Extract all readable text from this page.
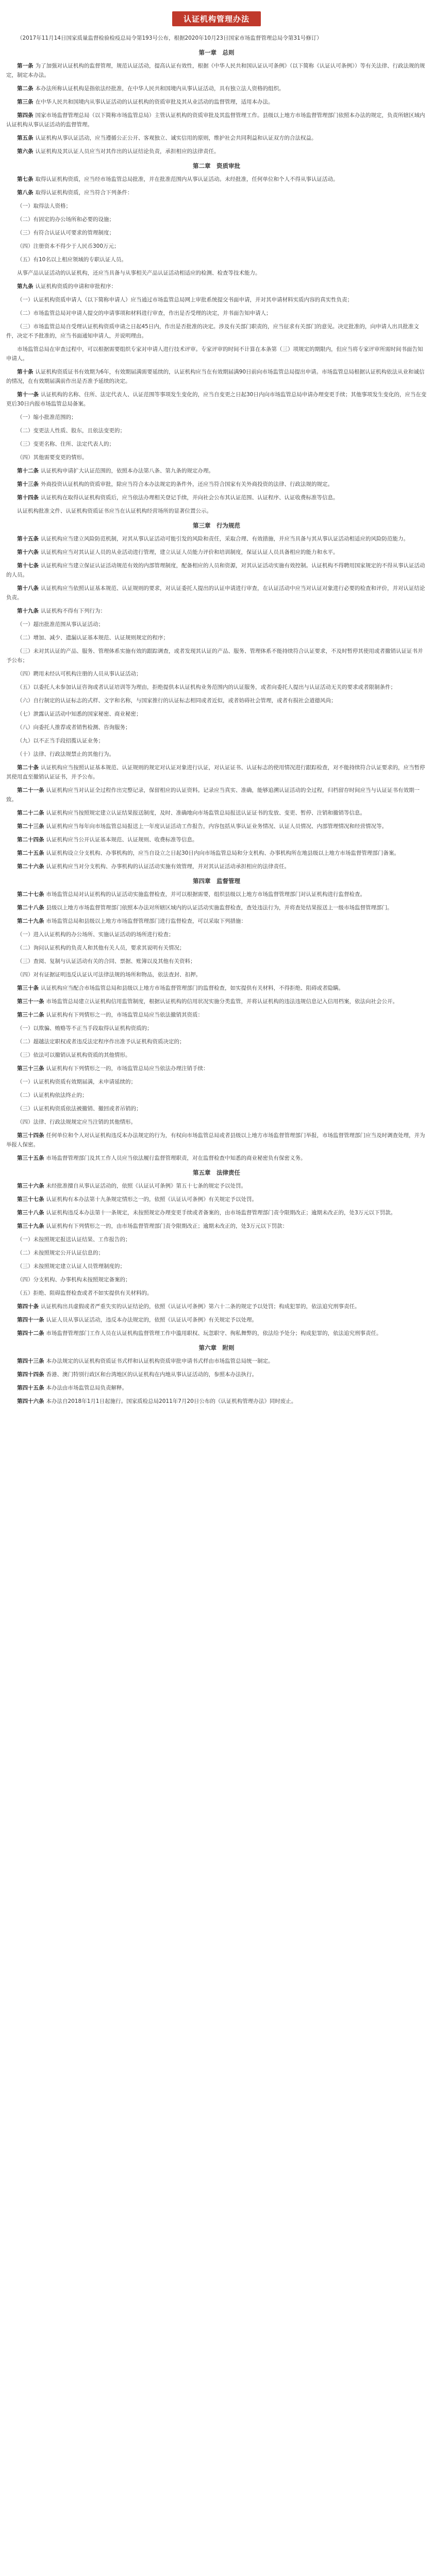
认证机构管理办法

（2017年11月14日国家质量监督检验检疫总局令第193号公布，根据2020年10月23日国家市场监督管理总局令第31号修订）

第一章　总则

第一条 为了加强对认证机构的监督管理，规范认证活动，提高认证有效性，根据《中华人民共和国认证认可条例》（以下简称《认证认可条例》）等有关法律、行政法规的规定，制定本办法。

第二条 本办法所称认证机构是指依法经批准，在中华人民共和国境内从事认证活动，具有独立法人资格的组织。

第三条 在中华人民共和国境内从事认证活动的认证机构的资质审批及其从业活动的监督管理，适用本办法。

第四条 国家市场监督管理总局（以下简称市场监管总局）主管认证机构的资质审批及其监督管理工作。县级以上地方市场监督管理部门依照本办法的规定，负责所辖区域内认证机构从事认证活动的监督管理。

第五条 认证机构从事认证活动，应当遵循公正公开、客观独立、诚实信用的原则，维护社会共同利益和认证双方的合法权益。

第六条 认证机构及其认证人员应当对其作出的认证结论负责，承担相应的法律责任。

第二章　资质审批

第七条 取得认证机构资质，应当经市场监管总局批准，并在批准范围内从事认证活动。未经批准，任何单位和个人不得从事认证活动。

第八条 取得认证机构资质，应当符合下列条件：

（一）取得法人资格；

（二）有固定的办公场所和必要的设施；

（三）有符合认证认可要求的管理制度；

（四）注册资本不得少于人民币300万元；

（五）有10名以上相应领域的专职认证人员。

从事产品认证活动的认证机构，还应当具备与从事相关产品认证活动相适应的检测、检查等技术能力。

第九条 认证机构资质的申请和审批程序：

（一）认证机构资质申请人（以下简称申请人）应当通过市场监管总局网上审批系统提交书面申请，并对其申请材料实质内容的真实性负责；

（二）市场监管总局对申请人提交的申请事项和材料进行审查，作出是否受理的决定，并书面告知申请人；

（三）市场监管总局自受理认证机构资质申请之日起45日内，作出是否批准的决定。涉及有关部门职责的，应当征求有关部门的意见。决定批准的，向申请人出具批准文件，决定不予批准的，应当书面通知申请人，并说明理由。

市场监管总局在审查过程中，可以根据需要组织专家对申请人进行技术评审。专家评审的时间不计算在本条第（三）项规定的期限内，但应当将专家评审所需时间书面告知申请人。

第十条 认证机构资质证书有效期为6年，有效期届满需要延续的，认证机构应当在有效期届满90日前向市场监管总局提出申请。市场监管总局根据认证机构依法从业和诚信的情况，在有效期届满前作出是否准予延续的决定。

第十一条 认证机构的名称、住所、法定代表人、认证范围等事项发生变化的，应当自变更之日起30日内向市场监管总局申请办理变更手续；其他事项发生变化的，应当在变更后30日内报市场监管总局备案。

（一）缩小批准范围的；

（二）变更法人性质、股东，且依法变更的；

（三）变更名称、住所、法定代表人的；

（四）其他需要变更的情形。

第十二条 认证机构申请扩大认证范围的，依照本办法第八条、第九条的规定办理。

第十三条 外商投资认证机构的资质审批，除应当符合本办法规定的条件外，还应当符合国家有关外商投资的法律、行政法规的规定。

第十四条 认证机构在取得认证机构资质后，应当依法办理相关登记手续，并向社会公布其认证范围、认证程序、认证收费标准等信息。

认证机构批准文件、认证机构资质证书应当在认证机构经营场所的显著位置公示。

第三章　行为规范

第十五条 认证机构应当建立风险防范机制，对其从事认证活动可能引发的风险和责任，采取合理、有效措施，并应当具备与其从事认证活动相适应的风险防范能力。

第十六条 认证机构应当对其认证人员的从业活动进行管理，建立认证人员能力评价和培训制度，保证认证人员具备相应的能力和水平。

第十七条 认证机构应当建立保证认证活动规范有效的内部管理制度，配备相应的人员和资源，对其认证活动实施有效控制。认证机构不得聘用国家规定的不得从事认证活动的人员。

第十八条 认证机构应当依照认证基本规范、认证规则的要求，对认证委托人提出的认证申请进行审查，在认证活动中应当对认证对象进行必要的检查和评价，并对认证结论负责。

第十九条 认证机构不得有下列行为：

（一）超出批准范围从事认证活动；

（二）增加、减少、遗漏认证基本规范、认证规则规定的程序；

（三）未对其认证的产品、服务、管理体系实施有效的跟踪调查，或者发现其认证的产品、服务、管理体系不能持续符合认证要求，不及时暂停其使用或者撤销认证证书并予公布；

（四）聘用未经认可机构注册的人员从事认证活动；

（五）以委托人未参加认证咨询或者认证培训等为理由，拒绝提供本认证机构业务范围内的认证服务，或者向委托人提出与认证活动无关的要求或者限制条件；

（六）自行制定的认证标志的式样、文字和名称，与国家推行的认证标志相同或者近似，或者妨碍社会管理，或者有损社会道德风尚；

（七）泄露认证活动中知悉的国家秘密、商业秘密；

（八）向委托人推荐或者销售检测、咨询服务；

（九）以不正当手段招揽认证业务；

（十）法律、行政法规禁止的其他行为。

第二十条 认证机构应当按照认证基本规范、认证规则的规定对认证对象进行认证，对认证证书、认证标志的使用情况进行跟踪检查，对不能持续符合认证要求的，应当暂停其使用直至撤销认证证书，并予公布。

第二十一条 认证机构应当对认证全过程作出完整记录，保留相应的认证资料。记录应当真实、准确，能够追溯认证活动的全过程，归档留存时间应当与认证证书有效期一致。

第二十二条 认证机构应当按照规定建立认证结果报送制度，及时、准确地向市场监管总局报送认证证书的发放、变更、暂停、注销和撤销等信息。

第二十三条 认证机构应当每年向市场监管总局报送上一年度认证活动工作报告，内容包括从事认证业务情况、认证人员情况、内部管理情况和经营情况等。

第二十四条 认证机构应当公开认证基本规范、认证规则、收费标准等信息。

第二十五条 认证机构设立分支机构、办事机构的，应当自设立之日起30日内向市场监管总局和分支机构、办事机构所在地县级以上地方市场监督管理部门备案。

第二十六条 认证机构应当对分支机构、办事机构的认证活动实施有效管理，并对其认证活动承担相应的法律责任。

第四章　监督管理

第二十七条 市场监管总局对认证机构的认证活动实施监督检查，并可以根据需要，组织县级以上地方市场监督管理部门对认证机构进行监督检查。

第二十八条 县级以上地方市场监督管理部门依照本办法对所辖区域内的认证活动实施监督检查，查处违法行为，并将查处结果报送上一级市场监督管理部门。

第二十九条 市场监管总局和县级以上地方市场监督管理部门进行监督检查，可以采取下列措施：

（一）进入认证机构的办公场所、实施认证活动的场所进行检查；

（二）询问认证机构的负责人和其他有关人员，要求其说明有关情况；

（三）查阅、复制与认证活动有关的合同、票据、账簿以及其他有关资料；

（四）对有证据证明违反认证认可法律法规的场所和物品，依法查封、扣押。

第三十条 认证机构应当配合市场监管总局和县级以上地方市场监督管理部门的监督检查，如实提供有关材料，不得拒绝、阻碍或者隐瞒。

第三十一条 市场监管总局建立认证机构信用监管制度，根据认证机构的信用状况实施分类监管，并将认证机构的违法违规信息记入信用档案，依法向社会公开。

第三十二条 认证机构有下列情形之一的，市场监管总局应当依法撤销其资质：

（一）以欺骗、贿赂等不正当手段取得认证机构资质的；

（二）超越法定职权或者违反法定程序作出准予认证机构资质决定的；

（三）依法可以撤销认证机构资质的其他情形。

第三十三条 认证机构有下列情形之一的，市场监管总局应当依法办理注销手续：

（一）认证机构资质有效期届满，未申请延续的；

（二）认证机构依法终止的；

（三）认证机构资质依法被撤销、撤回或者吊销的；

（四）法律、行政法规规定应当注销的其他情形。

第三十四条 任何单位和个人对认证机构违反本办法规定的行为，有权向市场监管总局或者县级以上地方市场监督管理部门举报，市场监督管理部门应当及时调查处理，并为举报人保密。

第三十五条 市场监督管理部门及其工作人员应当依法履行监督管理职责，对在监督检查中知悉的商业秘密负有保密义务。

第五章　法律责任

第三十六条 未经批准擅自从事认证活动的，依照《认证认可条例》第五十七条的规定予以处罚。

第三十七条 认证机构有本办法第十九条规定情形之一的，依照《认证认可条例》有关规定予以处罚。

第三十八条 认证机构违反本办法第十一条规定，未按照规定办理变更手续或者备案的，由市场监督管理部门责令限期改正；逾期未改正的，处3万元以下罚款。

第三十九条 认证机构有下列情形之一的，由市场监督管理部门责令限期改正；逾期未改正的，处3万元以下罚款：

（一）未按照规定报送认证结果、工作报告的；

（二）未按照规定公开认证信息的；

（三）未按照规定建立认证人员管理制度的；

（四）分支机构、办事机构未按照规定备案的；

（五）拒绝、阻碍监督检查或者不如实提供有关材料的。

第四十条 认证机构出具虚假或者严重失实的认证结论的，依照《认证认可条例》第六十二条的规定予以处罚；构成犯罪的，依法追究刑事责任。

第四十一条 认证人员从事认证活动，违反本办法规定的，依照《认证认可条例》有关规定予以处理。

第四十二条 市场监督管理部门工作人员在认证机构监督管理工作中滥用职权、玩忽职守、徇私舞弊的，依法给予处分；构成犯罪的，依法追究刑事责任。

第六章　附则

第四十三条 本办法规定的认证机构资质证书式样和认证机构资质审批申请书式样由市场监管总局统一制定。

第四十四条 香港、澳门特别行政区和台湾地区的认证机构在内地从事认证活动的，参照本办法执行。

第四十五条 本办法由市场监管总局负责解释。

第四十六条 本办法自2018年1月1日起施行。国家质检总局2011年7月20日公布的《认证机构管理办法》同时废止。
